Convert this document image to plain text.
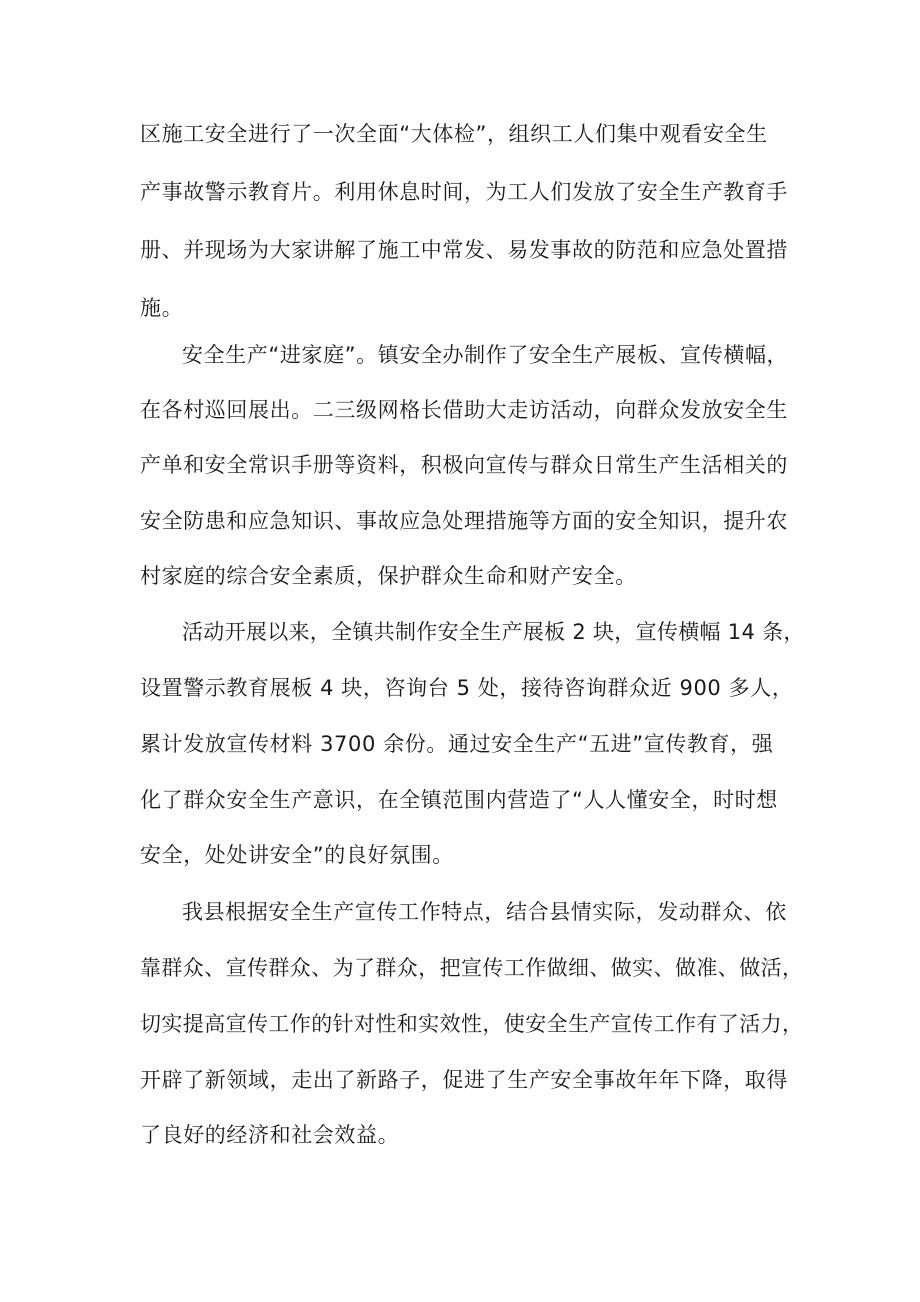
区施工安全进行了一次全面“大体检”，组织工人们集中观看安全生
产事故警示教育片。利用休息时间，为工人们发放了安全生产教育手
册、并现场为大家讲解了施工中常发、易发事故的防范和应急处置措
施。
安全生产“进家庭”。镇安全办制作了安全生产展板、宣传横幅，
在各村巡回展出。二三级网格长借助大走访活动，向群众发放安全生
产单和安全常识手册等资料，积极向宣传与群众日常生产生活相关的
安全防患和应急知识、事故应急处理措施等方面的安全知识，提升农
村家庭的综合安全素质，保护群众生命和财产安全。
活动开展以来，全镇共制作安全生产展板 2 块，宣传横幅 14 条，
设置警示教育展板 4 块，咨询台 5 处，接待咨询群众近 900 多人，
累计发放宣传材料 3700 余份。通过安全生产“五进”宣传教育，强
化了群众安全生产意识，在全镇范围内营造了“人人懂安全，时时想
安全，处处讲安全”的良好氛围。
我县根据安全生产宣传工作特点，结合县情实际，发动群众、依
靠群众、宣传群众、为了群众，把宣传工作做细、做实、做准、做活，
切实提高宣传工作的针对性和实效性，使安全生产宣传工作有了活力，
开辟了新领域，走出了新路子，促进了生产安全事故年年下降，取得
了良好的经济和社会效益。
